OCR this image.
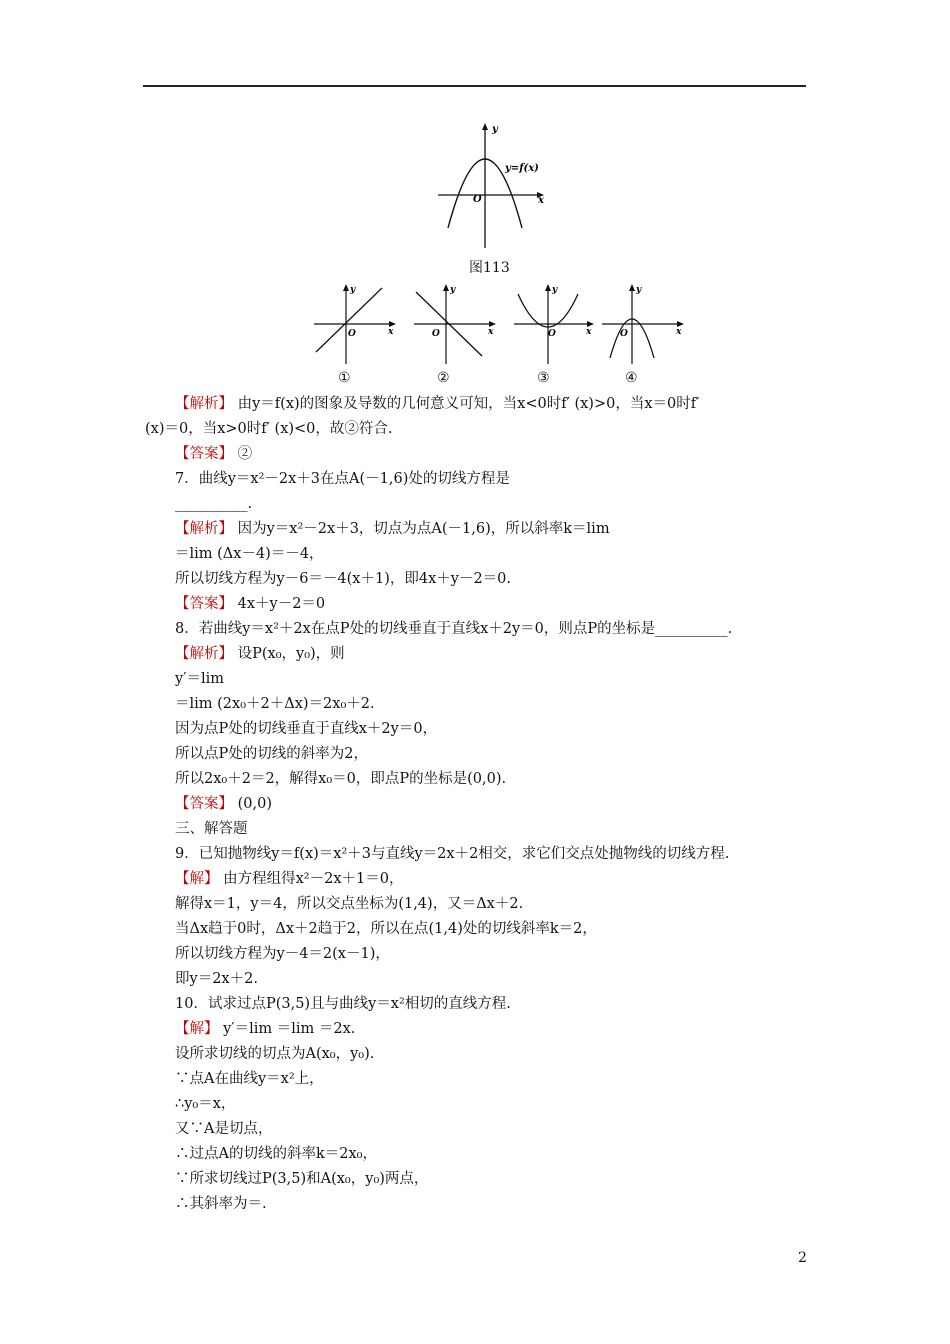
y
y=f(x)
O	x
图113
y
O	x
y
O	x
y
O	x
y
O	x
①	②	③	④
【解析】 由y＝f(x)的图象及导数的几何意义可知，当x<0时f′ (x)>0，当x＝0时f′
(x)＝0，当x>0时f′ (x)<0，故②符合.
【答案】 ②
7．曲线y＝x²－2x＋3在点A(－1,6)处的切线方程是
__________.
【解析】 因为y＝x²－2x＋3，切点为点A(－1,6)，所以斜率k＝lim
＝lim (Δx－4)＝－4，
所以切线方程为y－6＝－4(x＋1)，即4x＋y－2＝0.
【答案】 4x＋y－2＝0
8．若曲线y＝x²＋2x在点P处的切线垂直于直线x＋2y＝0，则点P的坐标是__________.
【解析】 设P(x₀，y₀)，则
y′＝lim
＝lim (2x₀＋2＋Δx)＝2x₀＋2.
因为点P处的切线垂直于直线x＋2y＝0，
所以点P处的切线的斜率为2，
所以2x₀＋2＝2，解得x₀＝0，即点P的坐标是(0,0).
【答案】 (0,0)
三、解答题
9．已知抛物线y＝f(x)＝x²＋3与直线y＝2x＋2相交，求它们交点处抛物线的切线方程.
【解】 由方程组得x²－2x＋1＝0，
解得x＝1，y＝4，所以交点坐标为(1,4)，又＝Δx＋2.
当Δx趋于0时，Δx＋2趋于2，所以在点(1,4)处的切线斜率k＝2，
所以切线方程为y－4＝2(x－1)，
即y＝2x＋2.
10．试求过点P(3,5)且与曲线y＝x²相切的直线方程.
【解】 y′＝lim ＝lim ＝2x.
设所求切线的切点为A(x₀，y₀).
∵点A在曲线y＝x²上，
∴y₀＝x，
又∵A是切点，
∴过点A的切线的斜率k＝2x₀，
∵所求切线过P(3,5)和A(x₀，y₀)两点，
∴其斜率为＝.
2
